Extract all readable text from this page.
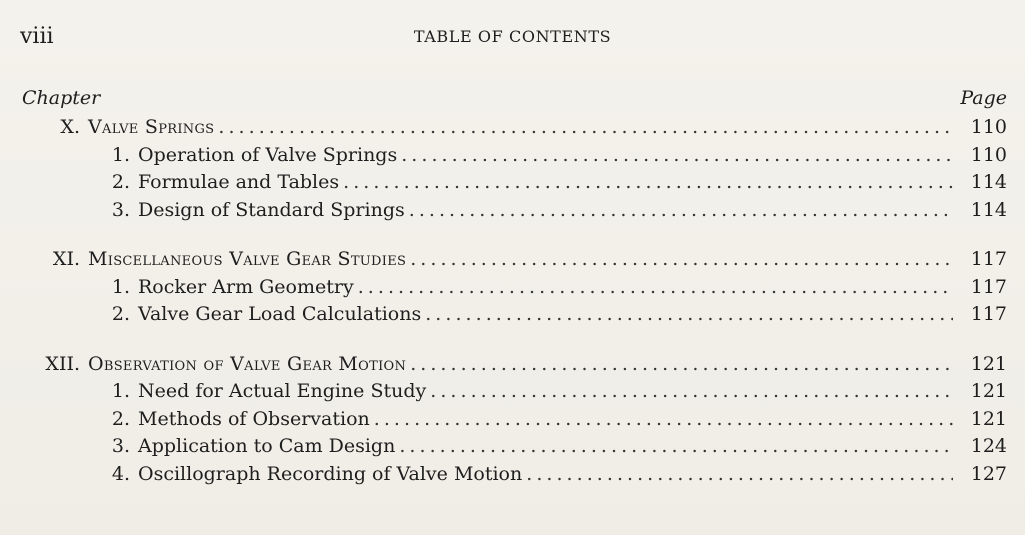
viii	TABLE OF CONTENTS
Chapter	Page
X. Valve Springs . . .	110
1. Operation of Valve Springs . . .	110
2. Formulae and Tables . . .	114
3. Design of Standard Springs . . .	114
XI. Miscellaneous Valve Gear Studies . . .	117
1. Rocker Arm Geometry . . .	117
2. Valve Gear Load Calculations . . .	117
XII. Observation of Valve Gear Motion . . .	121
1. Need for Actual Engine Study . . .	121
2. Methods of Observation . . .	121
3. Application to Cam Design . . .	124
4. Oscillograph Recording of Valve Motion . . .	127
